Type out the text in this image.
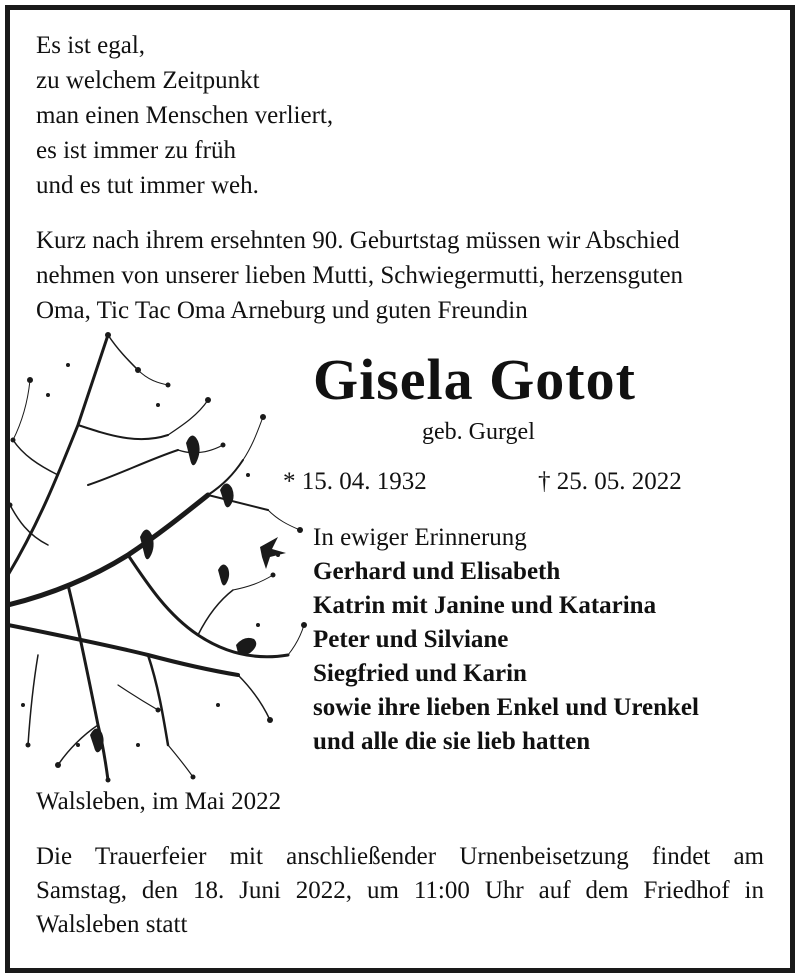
Es ist egal,
zu welchem Zeitpunkt
man einen Menschen verliert,
es ist immer zu früh
und es tut immer weh.
Kurz nach ihrem ersehnten 90. Geburtstag müssen wir Abschied
nehmen von unserer lieben Mutti, Schwiegermutti, herzensguten
Oma, Tic Tac Oma Arneburg und guten Freundin
Gisela Gotot
geb. Gurgel
* 15. 04. 1932	† 25. 05. 2022
In ewiger Erinnerung
Gerhard und Elisabeth
Katrin mit Janine und Katarina
Peter und Silviane
Siegfried und Karin
sowie ihre lieben Enkel und Urenkel
und alle die sie lieb hatten
Walsleben, im Mai 2022
Die Trauerfeier mit anschließender Urnenbeisetzung findet am
Samstag, den 18. Juni 2022, um 11:00 Uhr auf dem Friedhof in
Walsleben statt
